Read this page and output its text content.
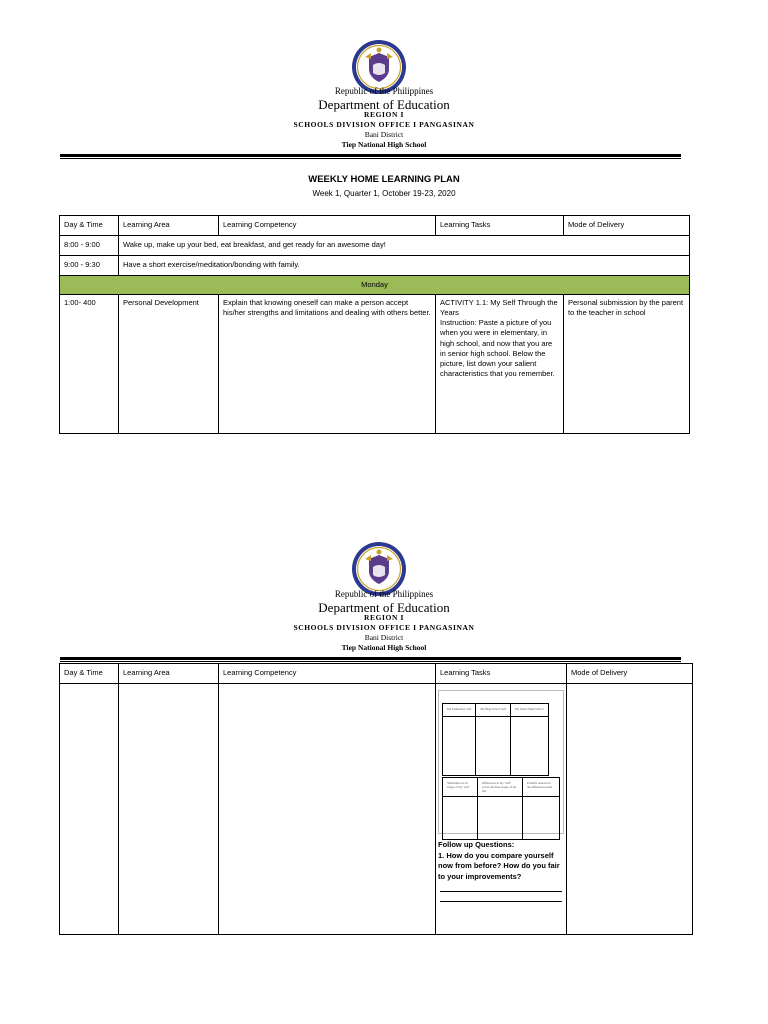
Republic of the Philippines
Department of Education
REGION I
SCHOOLS DIVISION OFFICE I PANGASINAN
Bani District
Tiep National High School
WEEKLY HOME LEARNING PLAN
Week 1, Quarter 1, October 19-23, 2020
Day & Time	Learning Area	Learning Competency	Learning Tasks	Mode of Delivery
8:00 - 9:00	Wake up, make up your bed, eat breakfast, and get ready for an awesome day!			
9:00 - 9:30	Have a short exercise/meditation/bonding with family.			
Monday				
1:00- 400	Personal Development	Explain that knowing oneself can make a person accept his/her strengths and limitations and dealing with others better.	ACTIVITY 1.1: My Self Through the Years
Instruction: Paste a picture of you when you were in elementary, in high school, and now that you are in senior high school. Below the picture, list down your salient characteristics that you remember.	Personal submission by the parent to the teacher in school
Republic of the Philippines
Department of Education
REGION I
SCHOOLS DIVISION OFFICE I PANGASINAN
Bani District
Tiep National High School
Day & Time	Learning Area	Learning Competency	Learning Tasks	Mode of Delivery

My Elementary Self	My High School Self	My Senior High School

Similarities in all stages of my "self"	Differences in my "self" across the three stages of my life	Possible reasons for the differences noted

Follow up Questions:
1. How do you compare yourself now from before? How do you fair to your improvements?
